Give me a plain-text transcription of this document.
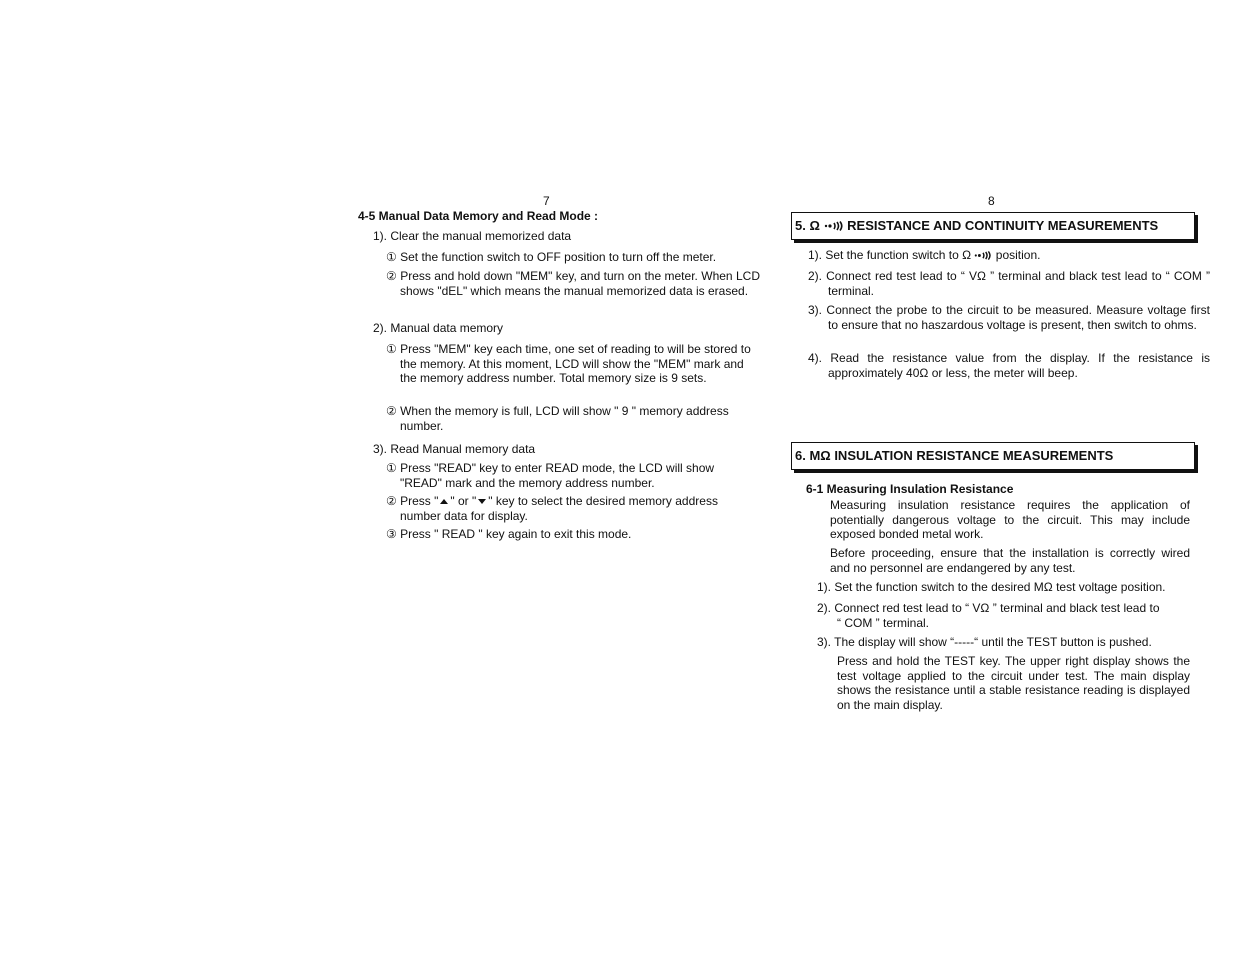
7
4-5 Manual Data Memory and Read Mode :
1). Clear the manual memorized data
① Set the function switch to OFF position to turn off the meter.
② Press and hold down "MEM" key, and turn on the meter. When LCD shows "dEL" which means the manual memorized data is erased.
2). Manual data memory
① Press "MEM" key each time, one set of reading to will be stored to the memory. At this moment, LCD will show the "MEM" mark and the memory address number. Total memory size is 9 sets.
② When the memory is full, LCD will show " 9 " memory address number.
3). Read Manual memory data
① Press "READ" key to enter READ mode, the LCD will show "READ" mark and the memory address number.
② Press " " or " " key to select the desired memory address number data for display.
③ Press " READ " key again to exit this mode.
8
5. Ω RESISTANCE AND CONTINUITY MEASUREMENTS
1). Set the function switch to Ω position.
2). Connect red test lead to “ VΩ ” terminal and black test lead to “ COM ” terminal.
3). Connect the probe to the circuit to be measured. Measure voltage first to ensure that no haszardous voltage is present, then switch to ohms.
4). Read the resistance value from the display. If the resistance is approximately 40Ω or less, the meter will beep.
6. MΩ INSULATION RESISTANCE MEASUREMENTS
6-1 Measuring Insulation Resistance
Measuring insulation resistance requires the application of potentially dangerous voltage to the circuit. This may include exposed bonded metal work.
Before proceeding, ensure that the installation is correctly wired and no personnel are endangered by any test.
1). Set the function switch to the desired MΩ test voltage position.
2). Connect red test lead to “ VΩ ” terminal and black test lead to
“ COM ” terminal.
3). The display will show “-----“ until the TEST button is pushed.
Press and hold the TEST key. The upper right display shows the test voltage applied to the circuit under test. The main display shows the resistance until a stable resistance reading is displayed on the main display.
